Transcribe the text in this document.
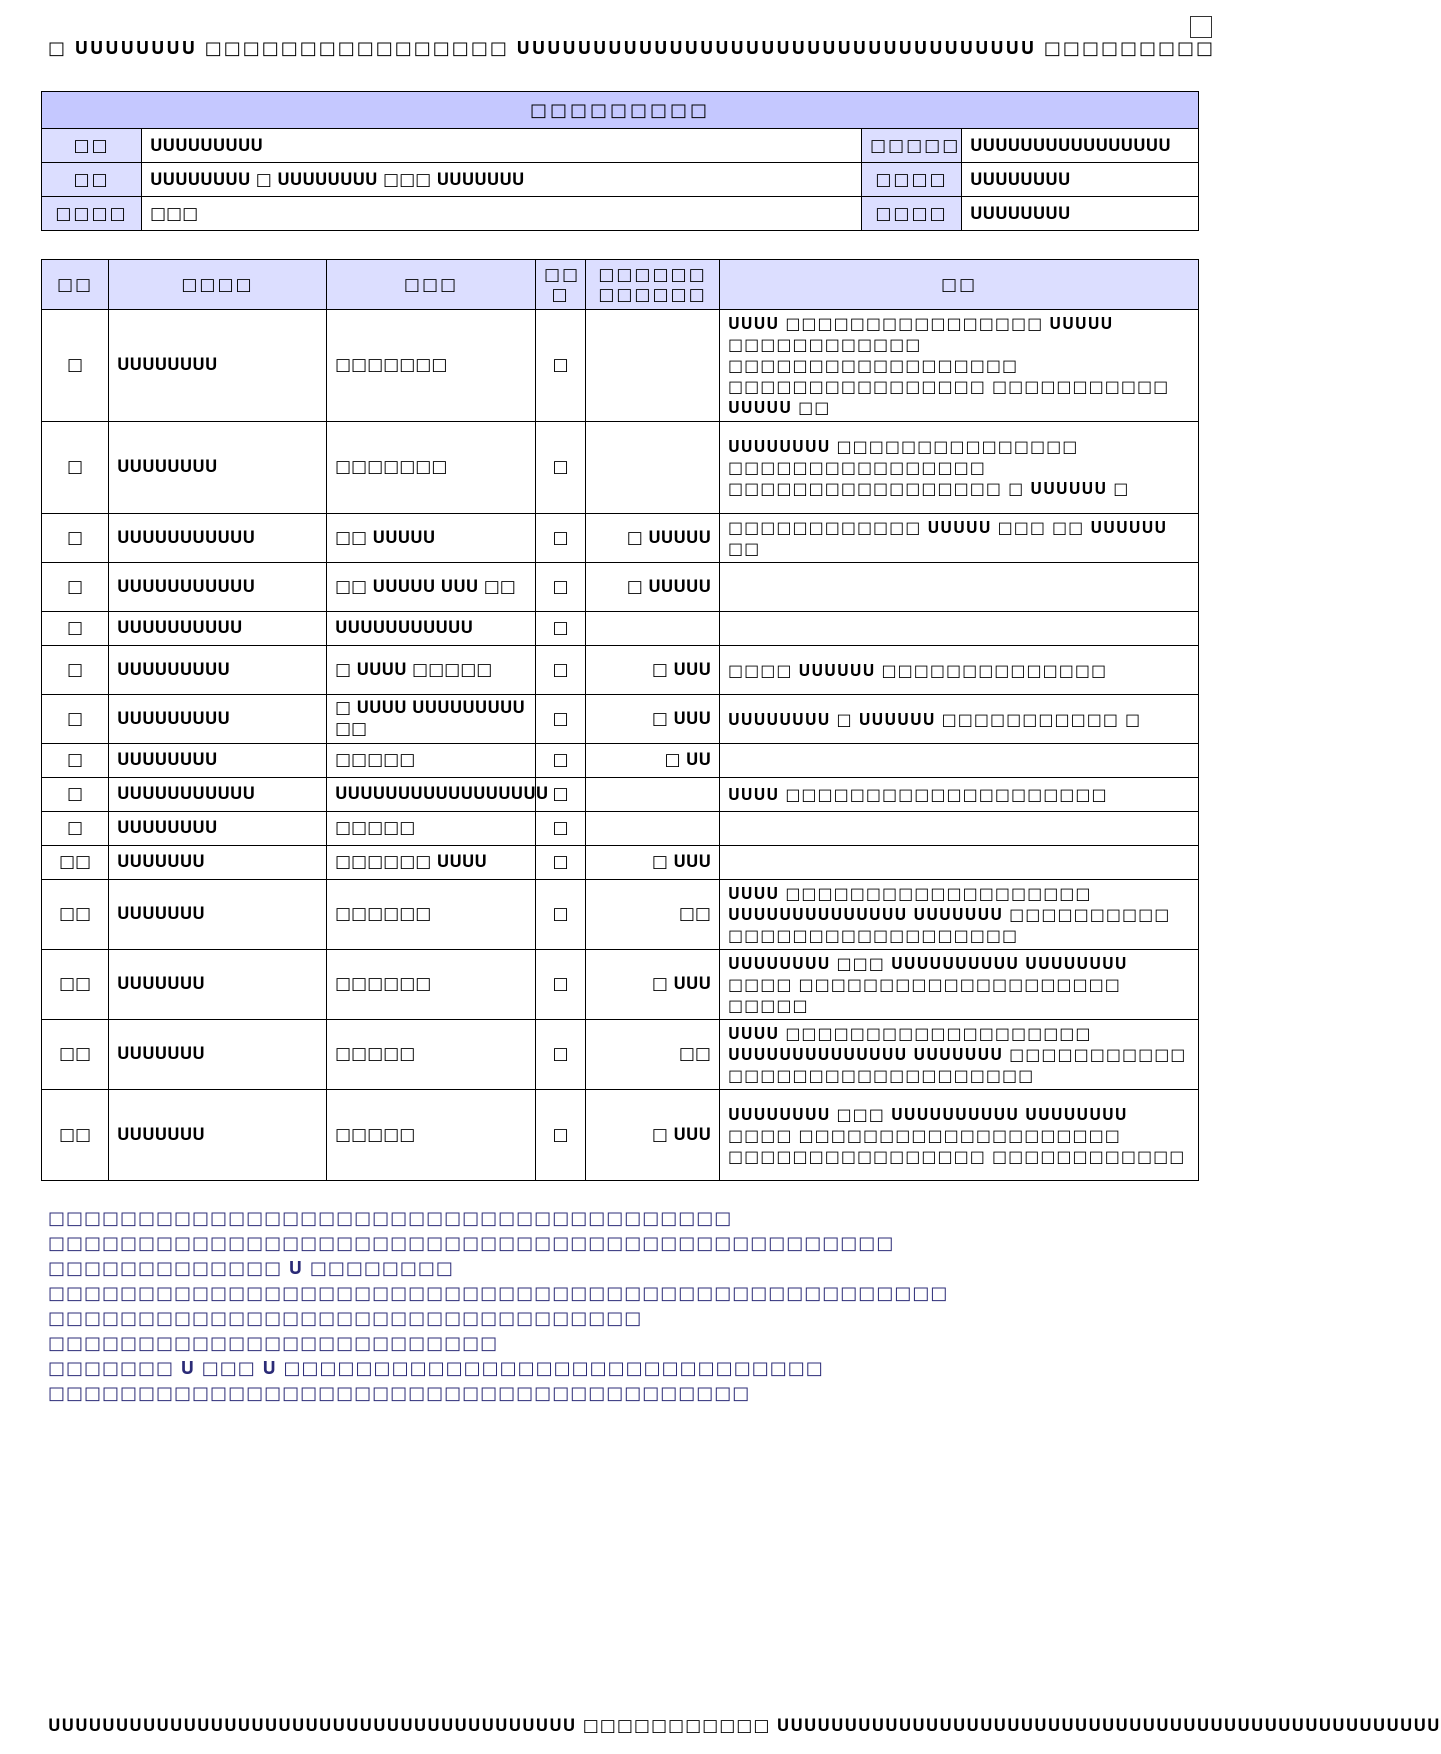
□ 𝐔𝐔𝐔𝐔𝐔𝐔𝐔𝐔 □□□□□□□□□□□□□□□□ 𝐔𝐔𝐔𝐔𝐔𝐔𝐔𝐔𝐔𝐔𝐔𝐔𝐔𝐔𝐔𝐔𝐔𝐔𝐔𝐔𝐔𝐔𝐔𝐔𝐔𝐔𝐔𝐔𝐔𝐔𝐔𝐔𝐔𝐔 □□□□□□□□□
□□□□□□□□□			
□□	𝐔𝐔𝐔𝐔𝐔𝐔𝐔𝐔𝐔	□□□□□	𝐔𝐔𝐔𝐔𝐔𝐔𝐔𝐔𝐔𝐔𝐔𝐔𝐔𝐔𝐔𝐔
□□	𝐔𝐔𝐔𝐔𝐔𝐔𝐔𝐔 □ 𝐔𝐔𝐔𝐔𝐔𝐔𝐔𝐔 □□□ 𝐔𝐔𝐔𝐔𝐔𝐔𝐔	□□□□	𝐔𝐔𝐔𝐔𝐔𝐔𝐔𝐔
□□□□	□□□	□□□□	𝐔𝐔𝐔𝐔𝐔𝐔𝐔𝐔
□□	□□□□	□□□	□□ □	□□□□□□ □□□□□□	□□
□	𝐔𝐔𝐔𝐔𝐔𝐔𝐔𝐔	□□□□□□□	□		𝐔𝐔𝐔𝐔 □□□□□□□□□□□□□□□□ 𝐔𝐔𝐔𝐔𝐔 □□□□□□□□□□□□ □□□□□□□□□□□□□□□□□□ □□□□□□□□□□□□□□□□ □□□□□□□□□□□ 𝐔𝐔𝐔𝐔𝐔 □□
□	𝐔𝐔𝐔𝐔𝐔𝐔𝐔𝐔	□□□□□□□	□		𝐔𝐔𝐔𝐔𝐔𝐔𝐔𝐔 □□□□□□□□□□□□□□□ □□□□□□□□□□□□□□□□ □□□□□□□□□□□□□□□□□ □ 𝐔𝐔𝐔𝐔𝐔𝐔 □
□	𝐔𝐔𝐔𝐔𝐔𝐔𝐔𝐔𝐔𝐔𝐔	□□ 𝐔𝐔𝐔𝐔𝐔	□	□ 𝐔𝐔𝐔𝐔𝐔	□□□□□□□□□□□□ 𝐔𝐔𝐔𝐔𝐔 □□□ □□ 𝐔𝐔𝐔𝐔𝐔𝐔 □□
□	𝐔𝐔𝐔𝐔𝐔𝐔𝐔𝐔𝐔𝐔𝐔	□□ 𝐔𝐔𝐔𝐔𝐔 𝐔𝐔𝐔 □□	□	□ 𝐔𝐔𝐔𝐔𝐔	
□	𝐔𝐔𝐔𝐔𝐔𝐔𝐔𝐔𝐔𝐔	𝐔𝐔𝐔𝐔𝐔𝐔𝐔𝐔𝐔𝐔𝐔	□		
□	𝐔𝐔𝐔𝐔𝐔𝐔𝐔𝐔𝐔	□ 𝐔𝐔𝐔𝐔 □□□□□	□	□ 𝐔𝐔𝐔	□□□□ 𝐔𝐔𝐔𝐔𝐔𝐔 □□□□□□□□□□□□□□
□	𝐔𝐔𝐔𝐔𝐔𝐔𝐔𝐔𝐔	□ 𝐔𝐔𝐔𝐔 𝐔𝐔𝐔𝐔𝐔𝐔𝐔𝐔𝐔 □□	□	□ 𝐔𝐔𝐔	𝐔𝐔𝐔𝐔𝐔𝐔𝐔𝐔 □ 𝐔𝐔𝐔𝐔𝐔𝐔 □□□□□□□□□□□ □
□	𝐔𝐔𝐔𝐔𝐔𝐔𝐔𝐔	□□□□□	□	□ 𝐔𝐔	
□	𝐔𝐔𝐔𝐔𝐔𝐔𝐔𝐔𝐔𝐔𝐔	𝐔𝐔𝐔𝐔𝐔𝐔𝐔𝐔𝐔𝐔𝐔𝐔𝐔𝐔𝐔𝐔𝐔	□		𝐔𝐔𝐔𝐔 □□□□□□□□□□□□□□□□□□□□
□	𝐔𝐔𝐔𝐔𝐔𝐔𝐔𝐔	□□□□□	□		
□□	𝐔𝐔𝐔𝐔𝐔𝐔𝐔	□□□□□□ 𝐔𝐔𝐔𝐔	□	□ 𝐔𝐔𝐔	
□□	𝐔𝐔𝐔𝐔𝐔𝐔𝐔	□□□□□□	□	□□	𝐔𝐔𝐔𝐔 □□□□□□□□□□□□□□□□□□□ 𝐔𝐔𝐔𝐔𝐔𝐔𝐔𝐔𝐔𝐔𝐔𝐔𝐔𝐔 𝐔𝐔𝐔𝐔𝐔𝐔𝐔 □□□□□□□□□□ □□□□□□□□□□□□□□□□□□
□□	𝐔𝐔𝐔𝐔𝐔𝐔𝐔	□□□□□□	□	□ 𝐔𝐔𝐔	𝐔𝐔𝐔𝐔𝐔𝐔𝐔𝐔 □□□ 𝐔𝐔𝐔𝐔𝐔𝐔𝐔𝐔𝐔𝐔 𝐔𝐔𝐔𝐔𝐔𝐔𝐔𝐔 □□□□ □□□□□□□□□□□□□□□□□□□□ □□□□□
□□	𝐔𝐔𝐔𝐔𝐔𝐔𝐔	□□□□□	□	□□	𝐔𝐔𝐔𝐔 □□□□□□□□□□□□□□□□□□□ 𝐔𝐔𝐔𝐔𝐔𝐔𝐔𝐔𝐔𝐔𝐔𝐔𝐔𝐔 𝐔𝐔𝐔𝐔𝐔𝐔𝐔 □□□□□□□□□□□ □□□□□□□□□□□□□□□□□□□
□□	𝐔𝐔𝐔𝐔𝐔𝐔𝐔	□□□□□	□	□ 𝐔𝐔𝐔	𝐔𝐔𝐔𝐔𝐔𝐔𝐔𝐔 □□□ 𝐔𝐔𝐔𝐔𝐔𝐔𝐔𝐔𝐔𝐔 𝐔𝐔𝐔𝐔𝐔𝐔𝐔𝐔 □□□□ □□□□□□□□□□□□□□□□□□□□ □□□□□□□□□□□□□□□□ □□□□□□□□□□□□
□□□□□□□□□□□□□□□□□□□□□□□□□□□□□□□□□□□□□□
□□□□□□□□□□□□□□□□□□□□□□□□□□□□□□□□□□□□□□□□□□□□□□□
□□□□□□□□□□□□□ 𝐔 □□□□□□□□
□□□□□□□□□□□□□□□□□□□□□□□□□□□□□□□□□□□□□□□□□□□□□□□□□□
□□□□□□□□□□□□□□□□□□□□□□□□□□□□□□□□□
□□□□□□□□□□□□□□□□□□□□□□□□□
□□□□□□□ 𝐔 □□□ 𝐔 □□□□□□□□□□□□□□□□□□□□□□□□□□□□□□
□□□□□□□□□□□□□□□□□□□□□□□□□□□□□□□□□□□□□□□
𝐔𝐔𝐔𝐔𝐔𝐔𝐔𝐔𝐔𝐔𝐔𝐔𝐔𝐔𝐔𝐔𝐔𝐔𝐔𝐔𝐔𝐔𝐔𝐔𝐔𝐔𝐔𝐔𝐔𝐔𝐔𝐔𝐔𝐔𝐔𝐔𝐔𝐔𝐔 □□□□□□□□□□□ 𝐔𝐔𝐔𝐔𝐔𝐔𝐔𝐔𝐔𝐔𝐔𝐔𝐔𝐔𝐔𝐔𝐔𝐔𝐔𝐔𝐔𝐔𝐔𝐔𝐔𝐔𝐔𝐔𝐔𝐔𝐔𝐔𝐔𝐔𝐔𝐔𝐔𝐔𝐔𝐔𝐔𝐔𝐔𝐔𝐔𝐔𝐔𝐔𝐔
